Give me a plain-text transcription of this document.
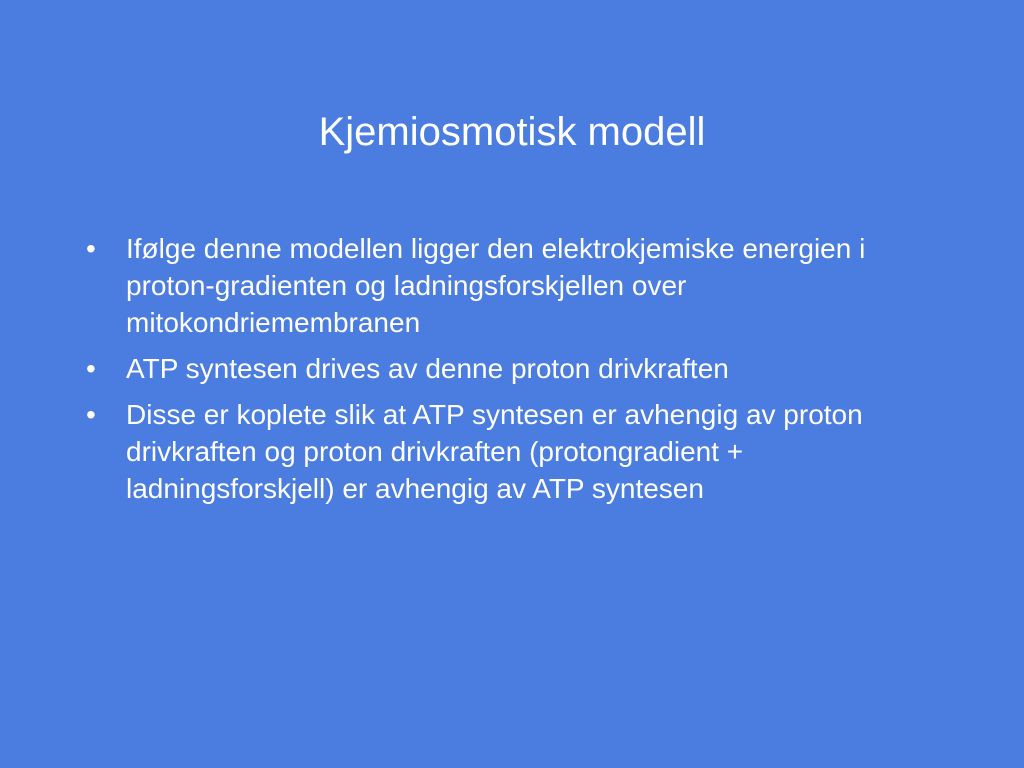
Kjemiosmotisk modell
• Ifølge denne modellen ligger den elektrokjemiske energien i proton-gradienten og ladningsforskjellen over mitokondriemembranen
• ATP syntesen drives av denne proton drivkraften
• Disse er koplete slik at ATP syntesen er avhengig av proton drivkraften og proton drivkraften (protongradient + ladningsforskjell) er avhengig av ATP syntesen
